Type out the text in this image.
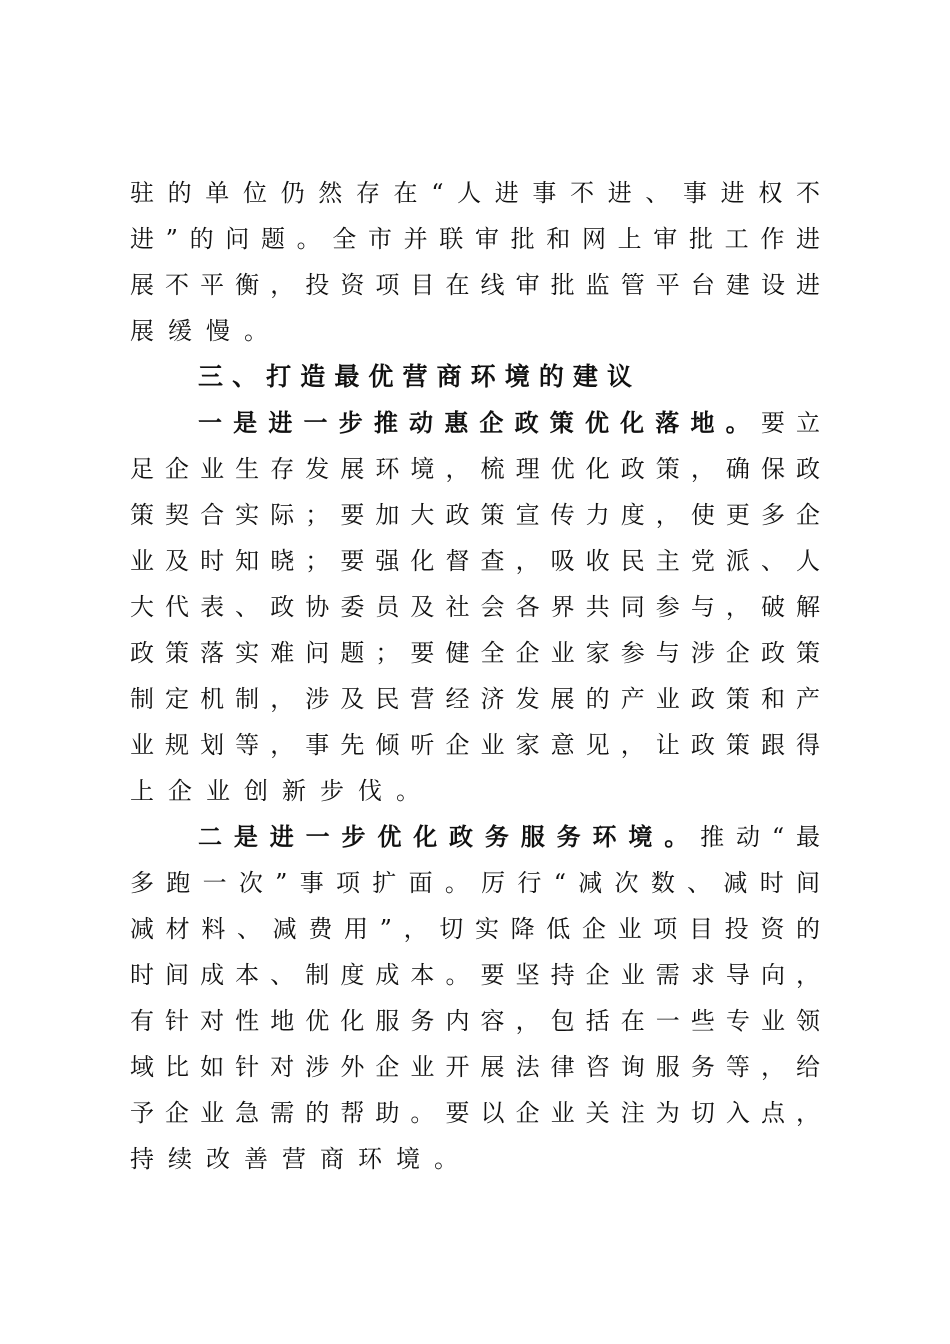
驻的单位仍然存在“人进事不进、事进权不
进”的问题。全市并联审批和网上审批工作进
展不平衡，投资项目在线审批监管平台建设进
展缓慢。
三、打造最优营商环境的建议
一是进一步推动惠企政策优化落地。要立
足企业生存发展环境，梳理优化政策，确保政
策契合实际；要加大政策宣传力度，使更多企
业及时知晓；要强化督查，吸收民主党派、人
大代表、政协委员及社会各界共同参与，破解
政策落实难问题；要健全企业家参与涉企政策
制定机制，涉及民营经济发展的产业政策和产
业规划等，事先倾听企业家意见，让政策跟得
上企业创新步伐。
二是进一步优化政务服务环境。推动“最
多跑一次”事项扩面。厉行“减次数、减时间
减材料、减费用”，切实降低企业项目投资的
时间成本、制度成本。要坚持企业需求导向，
有针对性地优化服务内容，包括在一些专业领
域比如针对涉外企业开展法律咨询服务等，给
予企业急需的帮助。要以企业关注为切入点，
持续改善营商环境。
